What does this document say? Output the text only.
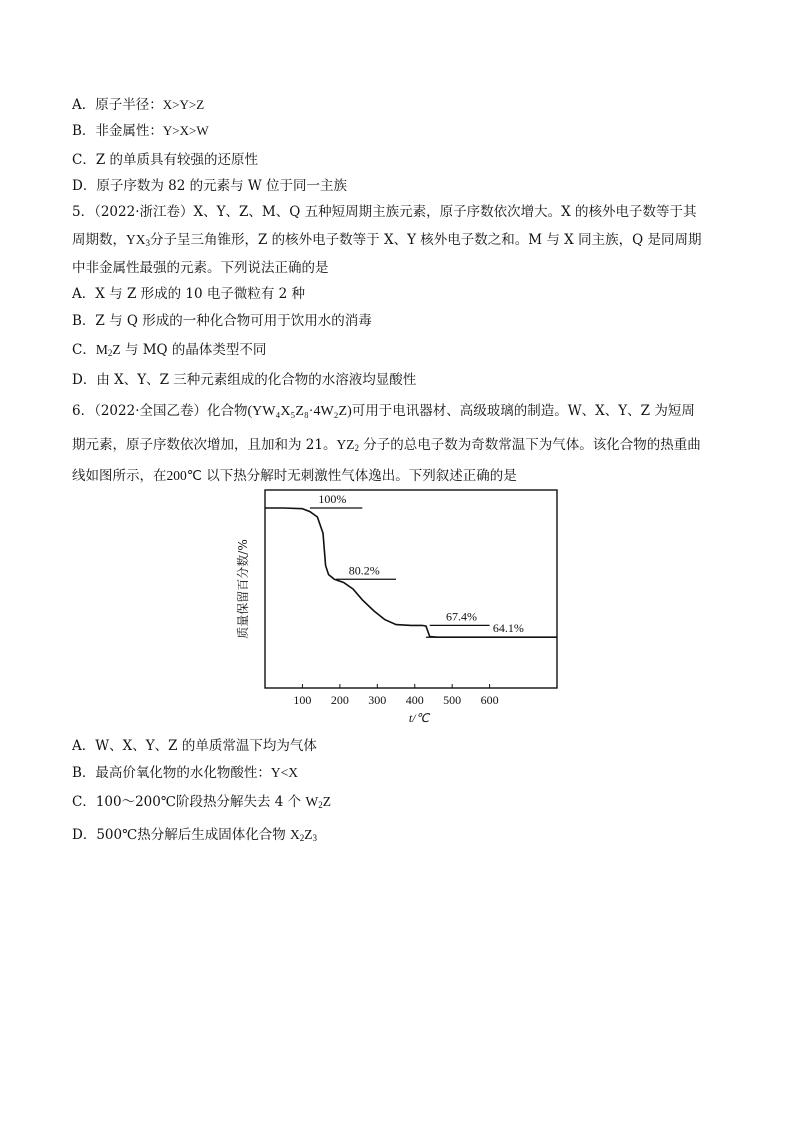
A．原子半径：X>Y>Z
B．非金属性：Y>X>W
C．Z 的单质具有较强的还原性
D．原子序数为 82 的元素与 W 位于同一主族
5．（2022·浙江卷）X、Y、Z、M、Q 五种短周期主族元素，原子序数依次增大。X 的核外电子数等于其
周期数，$YX_3$分子呈三角锥形，Z 的核外电子数等于 X、Y 核外电子数之和。M 与 X 同主族，Q 是同周期
中非金属性最强的元素。下列说法正确的是
A．X 与 Z 形成的 10 电子微粒有 2 种
B．Z 与 Q 形成的一种化合物可用于饮用水的消毒
C．$M_2Z$ 与 MQ 的晶体类型不同
D．由 X、Y、Z 三种元素组成的化合物的水溶液均显酸性
6．（2022·全国乙卷）化合物(YW₄X₅Z₈·4W₂Z)可用于电讯器材、高级玻璃的制造。W、X、Y、Z 为短周
期元素，原子序数依次增加，且加和为 21。$YZ_2$ 分子的总电子数为奇数常温下为气体。该化合物的热重曲
线如图所示，在200℃ 以下热分解时无刺激性气体逸出。下列叙述正确的是
100 200 300 400 500 600
100%
80.2%
67.4%
64.1%
质量保留百分数/%
t/℃
A．W、X、Y、Z 的单质常温下均为气体
B．最高价氧化物的水化物酸性：Y<X
C．100～200℃阶段热分解失去 4 个 $W_2Z$
D．500℃热分解后生成固体化合物 $X_2Z_3$
